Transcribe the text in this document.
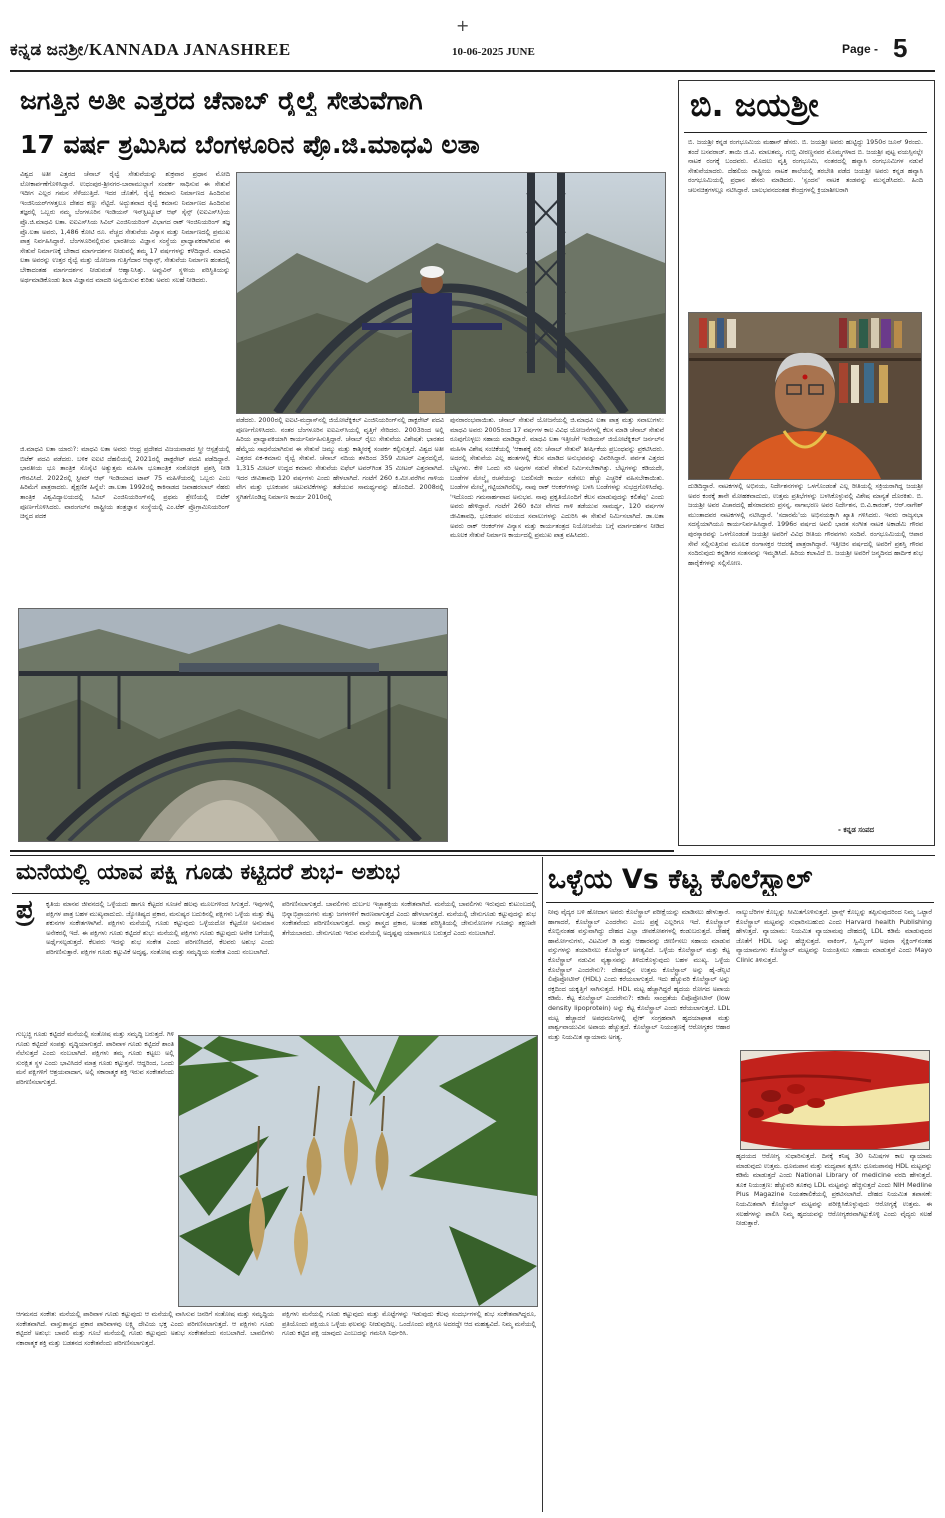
+
ಕನ್ನಡ ಜನಶ್ರೀ/KANNADA JANASHREE	10-06-2025 JUNE	Page - 5
ಜಗತ್ತಿನ ಅತೀ ಎತ್ತರದ ಚೆನಾಬ್ ರೈಲ್ವೆ ಸೇತುವೆಗಾಗಿ
17 ವರ್ಷ ಶ್ರಮಿಸಿದ ಬೆಂಗಳೂರಿನ ಪ್ರೊ.ಜಿ.ಮಾಧವಿ ಲತಾ
ವಿಶ್ವದ ಅತೀ ಎತ್ತರದ ಚೆನಾಬ್ ರೈಲ್ವೆ ಸೇತುವೆಯನ್ನು ಶುಕ್ರವಾರ ಪ್ರಧಾನ ಮೋದಿ ಲೋಕಾರ್ಪಣೆಗೊಳಿಸಿದ್ದಾರೆ. ಉಧಂಪುರ-ಶ್ರೀನಗರ-ಬಾರಾಮುಲ್ಲಾಗೆ ಸಂಪರ್ಕ ಸಾಧಿಸುವ ಈ ಸೇತುವೆ ಇದೀಗ ಎಲ್ಲರ ಗಮನ ಸೆಳೆಯುತ್ತಿದೆ. ಇದರ ಜೊತೆಗೆ, ರೈಲ್ವೆ ಕಮಾನು ನಿರ್ಮಾಣದ ಹಿಂದಿರುವ ಇಂಜಿನಿಯರ್‌ಗಳತ್ತಲೂ ದೇಶದ ಕಣ್ಣು ನೆಟ್ಟಿದೆ. ಅದ್ಭುತವಾದ ರೈಲ್ವೆ ಕಮಾನು ನಿರ್ಮಾಣದ ಹಿಂದಿರುವ ತಜ್ಞರಲ್ಲಿ ಒಬ್ಬರು ನಮ್ಮ ಬೆಂಗಳೂರಿನ ಇಂಡಿಯನ್ ಇನ್‌ಸ್ಟಿಟ್ಯೂಟ್ ಆಫ್ ಸೈನ್ಸ್ (ಐಐಎಸ್‌ಸಿ)ಯ ಪ್ರೊ.ಜಿ.ಮಾಧವಿ ಲತಾ. ಐಐಎಸ್‌ಸಿಯ ಸಿವಿಲ್ ಎಂಜಿನಿಯರಿಂಗ್ ವಿಭಾಗದ ರಾಕ್ ಇಂಜಿನಿಯರಿಂಗ್ ತಜ್ಞ ಪ್ರೊ.ಲತಾ ಅವರು, 1,486 ಕೋಟಿ ರೂ. ವೆಚ್ಚದ ಸೇತುವೆಯ ವಿನ್ಯಾಸ ಮತ್ತು ನಿರ್ಮಾಣದಲ್ಲಿ ಪ್ರಮುಖ ಪಾತ್ರ ನಿರ್ವಹಿಸಿದ್ದಾರೆ. ಬೆಂಗಳೂರಿನಲ್ಲಿರುವ ಭಾರತೀಯ ವಿಜ್ಞಾನ ಸಂಸ್ಥೆಯ ಪ್ರಾಧ್ಯಾಪಕರಾಗಿರುವ ಈ ಸೇತುವೆ ನಿರ್ಮಾಣಕ್ಕೆ ಬೇಕಾದ ಮಾರ್ಗದರ್ಶನ ನೀಡುವಲ್ಲಿ ತಮ್ಮ 17 ವರ್ಷಗಳನ್ನು ಕಳೆದಿದ್ದಾರೆ. ಮಾಧವಿ ಲತಾ ಅವರನ್ನು ಉತ್ತರ ರೈಲ್ವೆ ಮತ್ತು ಯೋಜನಾ ಗುತ್ತಿಗೆದಾರ ಆಫ್ಕಾನ್ಸ್, ಸೇತುವೆಯ ನಿರ್ಮಾಣ ಹಂತದಲ್ಲಿ ಬೇಕಾದಂತಹ ಮಾರ್ಗದರ್ಶನ ನೀಡುವಂತೆ ಆಹ್ವಾನಿಸಿತ್ತು. ಅಪ್ಪುವಿನ್ ಸ್ಥಳೀಯ ಪರಿಸ್ಥಿತಿಯನ್ನು ಅರ್ಥಮಾಡಿಕೊಂಡು ಶಿಲಾ ವಿಜ್ಞಾನದ ಮಾದರಿ ಅನ್ವಯಿಸುವ ಕುರಿತು ಅವರು ಸಲಹೆ ನೀಡಿದರು.
ಜಿ.ಮಾಧವಿ ಲತಾ ಯಾರು?: ಮಾಧವಿ ಲತಾ ಅವರು ಆಂಧ್ರ ಪ್ರದೇಶದ ವಿಜಯವಾಡದ ಸ್ತ್ರೀ ಆಸ್ಪತ್ರೆಯಲ್ಲಿ ಬಿಟೆಕ್ ಪದವಿ ಪಡೆದರು. ಬಳಿಕ ಐಐಟಿ ದೆಹಲಿಯಲ್ಲಿ 2021ರಲ್ಲಿ ಡಾಕ್ಟರೇಟ್ ಪದವಿ ಪಡೆದಿದ್ದಾರೆ. ಭಾರತೀಯ ಭೂ ತಾಂತ್ರಿಕ ಸೊಸೈಟಿ ಅತ್ಯುತ್ತಮ ಮಹಿಳಾ ಭೂತಾಂತ್ರಿಕ ಸಂಶೋಧಕಿ ಪ್ರಶಸ್ತಿ ನೀಡಿ ಗೌರವಿಸಿದೆ. 2022ರಲ್ಲಿ ಸ್ಟೀಮ್ ಆಫ್ ಇಂಡಿಯಾದ ಟಾಪ್ 75 ಮಹಿಳೆಯರಲ್ಲಿ ಒಬ್ಬರು ಎಂಬ ಹಿರಿಮೆಗೆ ಪಾತ್ರರಾದರು. ಶೈಕ್ಷಣಿಕ ಹಿನ್ನೆಲೆ: ಡಾ.ಲತಾ 1992ರಲ್ಲಿ ಕಾಕಿನಾಡದ ಜವಾಹರಲಾಲ್ ನೆಹರು ತಾಂತ್ರಿಕ ವಿಶ್ವವಿದ್ಯಾಲಯದಲ್ಲಿ ಸಿವಿಲ್ ಎಂಜಿನಿಯರಿಂಗ್‌ನಲ್ಲಿ ಪ್ರಥಮ ಶ್ರೇಣಿಯಲ್ಲಿ ಬಿಟೆಕ್ ಪೂರ್ಣಗೊಳಿಸಿದರು. ವಾರಂಗಲ್‌ನ ರಾಷ್ಟ್ರೀಯ ತಂತ್ರಜ್ಞಾನ ಸಂಸ್ಥೆಯಲ್ಲಿ ಎಂ.ಟೆಕ್ ಪ್ರೊಗ್ರಾಮಿನಿಯರಿಂಗ್ ಚಿನ್ನದ ಪದಕ
ಪಡೆದರು. 2000ರಲ್ಲಿ ಐಐಟಿ-ಮದ್ರಾಸ್‌ನಲ್ಲಿ ಜಿಯೋಟೆಕ್ನಿಕಲ್ ಎಂಜಿನಿಯರಿಂಗ್‌ನಲ್ಲಿ ಡಾಕ್ಟರೇಟ್ ಪದವಿ ಪೂರ್ಣಗೊಳಿಸಿದರು. ನಂತರ ಬೆಂಗಳೂರಿನ ಐಐಎಸ್‌ಸಿಯಲ್ಲಿ ವೃತ್ತಿಗೆ ಸೇರಿದರು. 2003ರಿಂದ ಅಲ್ಲಿ ಹಿರಿಯ ಪ್ರಾಧ್ಯಾಪಕಿಯಾಗಿ ಕಾರ್ಯನಿರ್ವಹಿಸುತ್ತಿದ್ದಾರೆ. ಚೆನಾಬ್ ರೈಲು ಸೇತುವೆಯ ವಿಶೇಷತೆ: ಭಾರತದ ಹೆಮ್ಮೆಯ ಸಾಧನೆಯಾಗಿರುವ ಈ ಸೇತುವೆ ಜಮ್ಮು ಮತ್ತು ಕಾಶ್ಮೀರಕ್ಕೆ ಸಂಪರ್ಕ ಕಲ್ಪಿಸುತ್ತದೆ. ವಿಶ್ವದ ಅತೀ ಎತ್ತರದ ಏಕ-ಕಮಾನು ರೈಲ್ವೆ ಸೇತುವೆ. ಚೆನಾಬ್ ನದಿಯ ತಳದಿಂದ 359 ಮೀಟರ್ ಎತ್ತರದಲ್ಲಿದೆ, 1,315 ಮೀಟರ್ ಉದ್ದದ ಕಮಾನು ಸೇತುವೆಯ ಐಫೆಲ್ ಟವರ್‌ಗಿಂತ 35 ಮೀಟರ್ ಎತ್ತರವಾಗಿದೆ. ಇದರ ಜೀವಿತಾವಧಿ 120 ವರ್ಷಗಳು ಎಂದು ಹೇಳಲಾಗಿದೆ. ಗಂಟೆಗೆ 260 ಕಿ.ಮೀ.ವರೆಗಿನ ಗಾಳಿಯ ವೇಗ ಮತ್ತು ಭೂಕಂಪನ ಚಟುವಟಿಕೆಗಳನ್ನು ತಡೆಯುವ ಸಾಮರ್ಥ್ಯವನ್ನು ಹೊಂದಿದೆ. 2008ರಲ್ಲಿ ಸ್ಥಗಿತಗೊಂಡಿದ್ದ ನಿರ್ಮಾಣ ಕಾರ್ಯ 2010ರಲ್ಲಿ
ಪುನರಾರಂಭವಾಯಿತು. ಚೆನಾಬ್ ಸೇತುವೆ ಯೋಜನೆಯಲ್ಲಿ ಜಿ.ಮಾಧವಿ ಲತಾ ಪಾತ್ರ ಮತ್ತು ಸವಾಲುಗಳು: ಮಾಧವಿ ಅವರು 2005ರಿಂದ 17 ವರ್ಷಗಳ ಕಾಲ ವಿವಿಧ ಯೋಜನೆಗಳಲ್ಲಿ ಕೆಲಸ ಮಾಡಿ ಚೆನಾಬ್ ಸೇತುವೆ ರೂಪುಗೊಳ್ಳಲು ಸಹಾಯ ಮಾಡಿದ್ದಾರೆ. ಮಾಧವಿ ಲತಾ ಇತ್ತೀಚೆಗೆ ಇಂಡಿಯನ್ ಜಿಯೋಟೆಕ್ನಿಕಲ್ ಜರ್ನಲ್‌ನ ಮಹಿಳಾ ವಿಶೇಷ ಸಂಚಿಕೆಯಲ್ಲಿ 'ಆಕಾಶಕ್ಕೆ ಏರಿ: ಚೆನಾಬ್ ಸೇತುವೆ' ಶೀರ್ಷಿಕೆಯ ಪ್ರಬಂಧವನ್ನು ಪ್ರಕಟಿಸಿದರು. ಅದರಲ್ಲಿ ಸೇತುವೆಯ ಎಲ್ಲ ಹಂತಗಳಲ್ಲಿ ಕೆಲಸ ಮಾಡಿದ ಅನುಭವವನ್ನು ವಿವರಿಸಿದ್ದಾರೆ. ಪರ್ವತ ಎತ್ತರದ ಬೆಟ್ಟಗಳು. ಕೇಳಿ ಒಂದು ಸರಿ ಅವುಗಳ ನಡುವೆ ಸೇತುವೆ ನಿರ್ಮಿಸಬೇಕಾಗಿತ್ತು. ಬೆಟ್ಟಗಳನ್ನು ಕಡಿಯದೇ, ಬಂಡೆಗಳ ಮೇಲ್ಮೈ ರಚನೆಯನ್ನು ಬದಲಿಸದೇ ಕಾರ್ಯ ನಡೆಸಲು ಹೆಚ್ಚು ಎಚ್ಚರಿಕೆ ವಹಿಸಬೇಕಾಯಿತು. ಬಂಡೆಗಳ ಮೇಲ್ಮೈ ಗಟ್ಟಿಯಾಗಿರಲಿಲ್ಲ, ನಾವು ರಾಕ್ ಆಂಕರ್‌ಗಳನ್ನು ಬಳಸಿ ಬಂಡೆಗಳನ್ನು ಸುಭದ್ರಗೊಳಿಸಿದೆವು. 'ಇದೊಂದು ಗಮನಾರ್ಹವಾದ ಅನುಭವ. ನಾವು ಪ್ರಕೃತಿಯೊಂದಿಗೆ ಕೆಲಸ ಮಾಡುವುದನ್ನು ಕಲಿತೆವು' ಎಂದು ಅವರು ಹೇಳಿದ್ದಾರೆ. ಗಂಟೆಗೆ 260 ಕಿಮೀ ವೇಗದ ಗಾಳಿ ತಡೆಯುವ ಸಾಮರ್ಥ್ಯ, 120 ವರ್ಷಗಳ ಜೀವಿತಾವಧಿ, ಭೂಕಂಪನ ವಲಯದ ಸವಾಲುಗಳನ್ನು ಎದುರಿಸಿ ಈ ಸೇತುವೆ ನಿರ್ಮಿಸಲಾಗಿದೆ. ಡಾ.ಲತಾ ಅವರು ರಾಕ್ ಆಂಕರ್‌ಗಳ ವಿನ್ಯಾಸ ಮತ್ತು ಕಾರ್ಯತಂತ್ರದ ನಿಯೋಜನೆಯ ಬಗ್ಗೆ ಮಾರ್ಗದರ್ಶನ ನೀಡಿದ ಮೂಲಕ ಸೇತುವೆ ನಿರ್ಮಾಣ ಕಾರ್ಯದಲ್ಲಿ ಪ್ರಮುಖ ಪಾತ್ರ ವಹಿಸಿದರು.
ಬಿ. ಜಯಶ್ರೀ
ಬಿ. ಜಯಶ್ರೀ ಕನ್ನಡ ರಂಗಭೂಮಿಯ ಮಹಾನ್ ಹೆಸರು. ಬಿ. ಜಯಶ್ರೀ ಅವರು ಹುಟ್ಟಿದ್ದು 1950ರ ಜೂನ್ 9ರಂದು. ತಂದೆ ಬಸವರಾಜ್. ತಾಯಿ ಜಿ.ವಿ. ಮಾಲತಮ್ಮ. ಗುಬ್ಬಿ ವೀರಣ್ಣನವರ ಮೊಮ್ಮಗಳಾದ ಬಿ. ಜಯಶ್ರೀ ಪುಟ್ಟ ವಯಸ್ಸಿನಲ್ಲೇ ನಾಟಕ ರಂಗಕ್ಕೆ ಬಂದವರು. ಮೊದಲು ವೃತ್ತಿ ರಂಗಭೂಮಿ, ನಂತರದಲ್ಲಿ ಹವ್ಯಾಸಿ ರಂಗಭೂಮಿಗಳ ನಡುವೆ ಸೇತುವೆಯಾದರು. ದೆಹಲಿಯ ರಾಷ್ಟ್ರೀಯ ನಾಟಕ ಶಾಲೆಯಲ್ಲಿ ತರಬೇತಿ ಪಡೆದ ಜಯಶ್ರೀ ಅವರು ಕನ್ನಡ ಹವ್ಯಾಸಿ ರಂಗಭೂಮಿಯಲ್ಲಿ ಪ್ರಧಾನ ಹೆಸರು ಮಾಡಿದರು. 'ಸ್ಪಂದನ' ನಾಟಕ ತಂಡವನ್ನು ಮುನ್ನಡೆಸಿದರು. ಹಿಂದಿ ಚಲನಚಿತ್ರಗಳಲ್ಲೂ ನಟಿಸಿದ್ದಾರೆ. ಬಾಲಭವನದಂತಹ ಕೇಂದ್ರಗಳಲ್ಲಿ ಕ್ರಿಯಾಶೀಲರಾಗಿ
ದುಡಿದಿದ್ದಾರೆ. ನಾಟಕಗಳಲ್ಲಿ ಅಭಿನಯ, ನಿರ್ದೇಶನಗಳನ್ನು ಒಳಗೊಂಡಂತೆ ಎಲ್ಲ ರೀತಿಯಲ್ಲಿ ಸಕ್ರಿಯರಾಗಿದ್ದ ಜಯಶ್ರೀ ಅವರ ಕಂಠಕ್ಕೆ ತಾನೇ ಮೋಹಕವಾದುದು, ಉತ್ತಮ ಪ್ರತಿಭೆಗಳನ್ನು ಬಳಸಿಕೊಳ್ಳುವಲ್ಲಿ ವಿಶೇಷ ಮಾನ್ಯತೆ ದೊರಕಿತು. ಬಿ. ಜಯಶ್ರೀ ಅವರ ವಿಚಾರದಲ್ಲಿ ಹೆಸರಾದವರು ಪ್ರಸನ್ನ, ನಾಗಾಭರಣ ಅವರ ನಿರ್ದೇಶನ, ಬಿ.ವಿ.ಕಾರಂತ್, ಆರ್.ನಾಗೇಶ್ ಮುಂತಾದವರ ನಾಟಕಗಳಲ್ಲಿ ನಟಿಸಿದ್ದಾರೆ. 'ಸದಾರಮೆ'ಯ ಅಭಿನಯಕ್ಕಾಗಿ ಖ್ಯಾತಿ ಗಳಿಸಿದರು. ಇವರು ರಾಜ್ಯಸಭಾ ಸದಸ್ಯೆಯಾಗಿಯೂ ಕಾರ್ಯನಿರ್ವಹಿಸಿದ್ದಾರೆ. 1996ರ ವರ್ಷದ ಅವಲಿ ಭಾರತ ಸಂಗೀತ ನಾಟಕ ಅಕಾಡೆಮಿ ಗೌರವ ಪುರಸ್ಕಾರವನ್ನು ಒಳಗೊಂಡಂತೆ ಜಯಶ್ರೀ ಅವರಿಗೆ ವಿವಿಧ ರೀತಿಯ ಗೌರವಗಳು ಸಂದಿವೆ. ರಂಗಭೂಮಿಯಲ್ಲಿ ಆಪಾರ ಸೇವೆ ಸಲ್ಲಿಸುತ್ತಿರುವ ಮೂಲಕ ರಂಗಾಸಕ್ತರ ಆದರಕ್ಕೆ ಪಾತ್ರರಾಗಿದ್ದಾರೆ. ಇತ್ತೀಚಿನ ವರ್ಷದಲ್ಲಿ ಅವರಿಗೆ ಪ್ರಶಸ್ತಿ ಗೌರವ ಸಂದಿರುವುದು ಕನ್ನಡಿಗರ ಸಂತಸವನ್ನು ಇಮ್ಮಡಿಸಿದೆ. ಹಿರಿಯ ಕಲಾವಿದೆ ಬಿ. ಜಯಶ್ರೀ ಅವರಿಗೆ ಜನ್ಮದಿನದ ಹಾರ್ದಿಕ ಶುಭ ಹಾರೈಕೆಗಳನ್ನು ಸಲ್ಲಿಸೋಣ.
- ಕನ್ನಡ ಸಂಪದ
ಮನೆಯಲ್ಲಿ ಯಾವ ಪಕ್ಷಿ ಗೂಡು ಕಟ್ಟಿದರೆ ಶುಭ- ಅಶುಭ
ಪ್ರ ಕೃತಿಯ ಮಾನವ ಜೀವನದಲ್ಲಿ ಒಳ್ಳೆಯದು ಹಾಗೂ ಕೆಟ್ಟದರ ಸೂಚನೆ ಹಲವು ಮೂಲಗಳಿಂದ ಸಿಗುತ್ತದೆ. ಇವುಗಳಲ್ಲಿ ಪಕ್ಷಿಗಳ ಪಾತ್ರ ಬಹಳ ಮುಖ್ಯವಾದುದು. ಜ್ಯೋತಿಷ್ಯದ ಪ್ರಕಾರ, ಮನುಷ್ಯರ ಬದುಕಿನಲ್ಲಿ ಪಕ್ಷಿಗಳು ಒಳ್ಳೆಯ ಮತ್ತು ಕೆಟ್ಟ ಶಕುನಗಳ ಸಂಕೇತಗಳಾಗಿವೆ. ಪಕ್ಷಿಗಳು ಮನೆಯಲ್ಲಿ ಗೂಡು ಕಟ್ಟುವುದು ಒಳ್ಳೆಯದೋ ಕೆಟ್ಟದೋ ಅನುಮಾನ ಅನೇಕರಲ್ಲಿ ಇದೆ. ಈ ಪಕ್ಷಿಗಳು ಗೂಡು ಕಟ್ಟಿದರೆ ಶುಭ: ಮನೆಯಲ್ಲಿ ಪಕ್ಷಿಗಳು ಗೂಡು ಕಟ್ಟುವುದು ಅನೇಕ ಬಗೆಯಲ್ಲಿ ಅರ್ಥೈಸಲ್ಪಡುತ್ತದೆ. ಕೆಲವರು ಇದನ್ನು ಶುಭ ಸಂಕೇತ ಎಂದು ಪರಿಗಣಿಸಿದರೆ, ಕೆಲವರು ಅಶುಭ ಎಂದು ಪರಿಗಣಿಸುತ್ತಾರೆ. ಪಕ್ಷಿಗಳ ಗೂಡು ಕಟ್ಟುವಿಕೆ ಅದೃಷ್ಟ, ಸಂತೋಷ ಮತ್ತು ಸಮೃದ್ಧಿಯ ಸಂಕೇತ ಎಂದು ನಂಬಲಾಗಿದೆ.
ಪರಿಗಣಿಸಲಾಗುತ್ತದೆ. ಬಾವಲಿಗಳು ದುರ್ಬಲ ಇಚ್ಛಾಶಕ್ತಿಯ ಸಂಕೇತವಾಗಿದೆ. ಮನೆಯಲ್ಲಿ ಬಾವಲಿಗಳು ಇರುವುದು ಕುಟುಂಬದಲ್ಲಿ ಭಿನ್ನಾಭಿಪ್ರಾಯಗಳು ಮತ್ತು ಜಗಳಗಳಿಗೆ ಕಾರಣವಾಗುತ್ತದೆ ಎಂದು ಹೇಳಲಾಗುತ್ತದೆ. ಮನೆಯಲ್ಲಿ ಜೇನುಗೂಡು ಕಟ್ಟುವುದನ್ನು ಶುಭ ಸಂಕೇತವೆಂದು ಪರಿಗಣಿಸಲಾಗುತ್ತದೆ. ವಾಸ್ತು ಶಾಸ್ತ್ರದ ಪ್ರಕಾರ, ಅಂತಹ ಪರಿಸ್ಥಿತಿಯಲ್ಲಿ ಜೇನುನೊಣಗಳ ಗೂಡನ್ನು ತಕ್ಷಣವೇ ತೆಗೆಯಬಾರದು. ಜೇನುಗೂಡು ಇರುವ ಮನೆಯಲ್ಲಿ ಅದೃಷ್ಟವು ಯಾವಾಗಲೂ ಬರುತ್ತದೆ ಎಂದು ನಂಬಲಾಗಿದೆ.
ಗುಬ್ಬಚ್ಚಿ ಗೂಡು ಕಟ್ಟಿದರೆ ಮನೆಯಲ್ಲಿ ಸಂತೋಷ ಮತ್ತು ಸಮೃದ್ಧಿ ಬರುತ್ತದೆ. ಗಿಳಿ ಗೂಡು ಕಟ್ಟಿದರೆ ಸಂಪತ್ತು ವೃದ್ಧಿಯಾಗುತ್ತದೆ. ಪಾರಿವಾಳ ಗೂಡು ಕಟ್ಟಿದರೆ ಶಾಂತಿ ನೆಲೆಸುತ್ತದೆ ಎಂದು ನಂಬಲಾಗಿದೆ. ಪಕ್ಷಿಗಳು ತಮ್ಮ ಗೂಡು ಕಟ್ಟಲು ಅಲ್ಲಿ ಸುರಕ್ಷಿತ ಸ್ಥಳ ಎಂದು ಭಾವಿಸಿದರೆ ಮಾತ್ರ ಗೂಡು ಕಟ್ಟುತ್ತವೆ. ಆದ್ದರಿಂದ, ಒಂದು ಮನೆ ಪಕ್ಷಿಗಳಿಗೆ ಆಶ್ರಯವಾದಾಗ, ಅಲ್ಲಿ ಸಕಾರಾತ್ಮಕ ಶಕ್ತಿ ಇರುವ ಸಂಕೇತವೆಂದು ಪರಿಗಣಿಸಲಾಗುತ್ತದೆ.
ಆಗಮನದ ಸಂಕೇತ: ಮನೆಯಲ್ಲಿ ಪಾರಿವಾಳ ಗೂಡು ಕಟ್ಟುವುದು ಆ ಮನೆಯಲ್ಲಿ ವಾಸಿಸುವ ಜನರಿಗೆ ಸಂತೋಷ ಮತ್ತು ಸಮೃದ್ಧಿಯ ಸಂಕೇತವಾಗಿದೆ. ವಾಸ್ತುಶಾಸ್ತ್ರದ ಪ್ರಕಾರ ಪಾರಿವಾಳವು ಲಕ್ಷ್ಮಿ ದೇವಿಯ ಭಕ್ತ ಎಂದು ಪರಿಗಣಿಸಲಾಗುತ್ತದೆ. ಆ ಪಕ್ಷಿಗಳು ಗೂಡು ಕಟ್ಟಿದರೆ ಅಶುಭ: ಬಾವಲಿ ಮತ್ತು ಗೂಬೆ ಮನೆಯಲ್ಲಿ ಗೂಡು ಕಟ್ಟುವುದು ಅಶುಭ ಸಂಕೇತವೆಂದು ನಂಬಲಾಗಿದೆ. ಬಾವಲಿಗಳು ನಕಾರಾತ್ಮಕ ಶಕ್ತಿ ಮತ್ತು ಬಡತನದ ಸಂಕೇತವೆಂದು ಪರಿಗಣಿಸಲಾಗುತ್ತದೆ.
ಪಕ್ಷಿಗಳು ಮನೆಯಲ್ಲಿ ಗೂಡು ಕಟ್ಟುವುದು ಮತ್ತು ಮೊಟ್ಟೆಗಳನ್ನು ಇಡುವುದು ಕೆಲವು ಸಂದರ್ಭಗಳಲ್ಲಿ ಶುಭ ಸಂಕೇತವಾಗಿದ್ದರೂ, ಪ್ರತಿಯೊಂದು ಪಕ್ಷಿಯೂ ಒಳ್ಳೆಯ ಫಲವನ್ನು ನೀಡುವುದಿಲ್ಲ. ಒಂದೊಂದು ಪಕ್ಷಿಗೂ ಅದರದ್ದೇ ಆದ ಮಹತ್ವವಿದೆ. ನಿಮ್ಮ ಮನೆಯಲ್ಲಿ ಗೂಡು ಕಟ್ಟಿದ ಪಕ್ಷಿ ಯಾವುದು ಎಂಬುದನ್ನು ಗಮನಿಸಿ ನಿರ್ಧರಿಸಿ.
ಒಳ್ಳೆಯ Vs ಕೆಟ್ಟ ಕೊಲೆಸ್ಟ್ರಾಲ್
ನೀವು ವೈದ್ಯರ ಬಳಿ ಹೋದಾಗ ಅವರು ಕೊಲೆಸ್ಟ್ರಾಲ್ ಪರೀಕ್ಷೆಯನ್ನು ಮಾಡಿಸಲು ಹೇಳುತ್ತಾರೆ. ಹಾಗಾದರೆ, ಕೊಲೆಸ್ಟ್ರಾಲ್ ಎಂದರೇನು ಎಂಬ ಪ್ರಶ್ನೆ ಎಲ್ಲರಿಗೂ ಇದೆ. ಕೊಲೆಸ್ಟ್ರಾಲ್ ಕೊಬ್ಬಿನಂತಹ ವಸ್ತುವಾಗಿದ್ದು ದೇಹದ ಎಲ್ಲಾ ಜೀವಕೋಶಗಳಲ್ಲಿ ಕಂಡುಬರುತ್ತದೆ. ದೇಹಕ್ಕೆ ಹಾರ್ಮೋನುಗಳು, ವಿಟಮಿನ್ ಡಿ ಮತ್ತು ಆಹಾರವನ್ನು ಜೀರ್ಣಿಸಲು ಸಹಾಯ ಮಾಡುವ ವಸ್ತುಗಳನ್ನು ತಯಾರಿಸಲು ಕೊಲೆಸ್ಟ್ರಾಲ್ ಅಗತ್ಯವಿದೆ. ಒಳ್ಳೆಯ ಕೊಲೆಸ್ಟ್ರಾಲ್ ಮತ್ತು ಕೆಟ್ಟ ಕೊಲೆಸ್ಟ್ರಾಲ್ ನಡುವಿನ ವ್ಯತ್ಯಾಸವನ್ನು ತಿಳಿದುಕೊಳ್ಳುವುದು ಬಹಳ ಮುಖ್ಯ. ಒಳ್ಳೆಯ ಕೊಲೆಸ್ಟ್ರಾಲ್ ಎಂದರೇನು?: ದೇಹದಲ್ಲಿನ ಉತ್ತಮ ಕೊಲೆಸ್ಟ್ರಾಲ್ ಅನ್ನು ಹೈ-ಡೆನ್ಸಿಟಿ ಲಿಪೊಪ್ರೋಟೀನ್ (HDL) ಎಂದು ಕರೆಯಲಾಗುತ್ತದೆ. ಇದು ಹೆಚ್ಚುವರಿ ಕೊಲೆಸ್ಟ್ರಾಲ್ ಅನ್ನು ರಕ್ತದಿಂದ ಯಕೃತ್ತಿಗೆ ಸಾಗಿಸುತ್ತದೆ. HDL ಮಟ್ಟ ಹೆಚ್ಚಾಗಿದ್ದರೆ ಹೃದಯ ರೋಗದ ಅಪಾಯ ಕಡಿಮೆ. ಕೆಟ್ಟ ಕೊಲೆಸ್ಟ್ರಾಲ್ ಎಂದರೇನು?: ಕಡಿಮೆ ಸಾಂದ್ರತೆಯ ಲಿಪೊಪ್ರೋಟೀನ್ (low density lipoprotein) ಅನ್ನು ಕೆಟ್ಟ ಕೊಲೆಸ್ಟ್ರಾಲ್ ಎಂದು ಕರೆಯಲಾಗುತ್ತದೆ. LDL ಮಟ್ಟ ಹೆಚ್ಚಾದರೆ ಅಪಧಮನಿಗಳಲ್ಲಿ ಪ್ಲೇಕ್ ಸಂಗ್ರಹವಾಗಿ ಹೃದಯಾಘಾತ ಮತ್ತು ಪಾರ್ಶ್ವವಾಯುವಿನ ಅಪಾಯ ಹೆಚ್ಚುತ್ತದೆ. ಕೊಲೆಸ್ಟ್ರಾಲ್ ನಿಯಂತ್ರಣಕ್ಕೆ ಆರೋಗ್ಯಕರ ಆಹಾರ ಮತ್ತು ನಿಯಮಿತ ವ್ಯಾಯಾಮ ಅಗತ್ಯ.
ನಾಲ್ಯುಬೆರಿಗಳ ಕೊಬ್ಬನ್ನು ಸೀಮಿತಗೊಳಿಸುತ್ತದೆ. ಟ್ರಾನ್ಸ್ ಕೊಬ್ಬನ್ನು ತಪ್ಪಿಸುವುದರಿಂದ ನಿಮ್ಮ ಒಟ್ಟಾರೆ ಕೊಲೆಸ್ಟ್ರಾಲ್ ಮಟ್ಟವನ್ನು ಸುಧಾರಿಸಬಹುದು ಎಂದು Harvard health Publishing ಹೇಳುತ್ತದೆ. ವ್ಯಾಯಾಮ: ನಿಯಮಿತ ವ್ಯಾಯಾಮವು ದೇಹದಲ್ಲಿ LDL ಕಡಿಮೆ ಮಾಡುವುದರ ಜೊತೆಗೆ HDL ಅನ್ನು ಹೆಚ್ಚಿಸುತ್ತದೆ. ವಾಕಿಂಗ್, ಸ್ವಿಮ್ಮಿಂಗ್ ಅಥವಾ ಸೈಕ್ಲಿಂಗ್‌ನಂತಹ ವ್ಯಾಯಾಮಗಳು ಕೊಲೆಸ್ಟ್ರಾಲ್ ಮಟ್ಟವನ್ನು ನಿಯಂತ್ರಿಸಲು ಸಹಾಯ ಮಾಡುತ್ತವೆ ಎಂದು Mayo Clinic ತಿಳಿಸುತ್ತದೆ.
ಹೃದಯದ ಆರೋಗ್ಯ ಸುಧಾರಿಸುತ್ತದೆ. ದಿನಕ್ಕೆ ಕನಿಷ್ಠ 30 ನಿಮಿಷಗಳ ಕಾಲ ವ್ಯಾಯಾಮ ಮಾಡುವುದು ಉತ್ತಮ. ಧೂಮಪಾನ ಮತ್ತು ಮದ್ಯಪಾನ ತ್ಯಜಿಸಿ: ಧೂಮಪಾನವು HDL ಮಟ್ಟವನ್ನು ಕಡಿಮೆ ಮಾಡುತ್ತದೆ ಎಂದು National Library of medicine ವರದಿ ಹೇಳುತ್ತದೆ. ತೂಕ ನಿಯಂತ್ರಣ: ಹೆಚ್ಚುವರಿ ತೂಕವು LDL ಮಟ್ಟವನ್ನು ಹೆಚ್ಚಿಸುತ್ತದೆ ಎಂದು NIH Medline Plus Magazine ನಿಯತಕಾಲಿಕೆಯಲ್ಲಿ ಪ್ರಕಟಿಸಲಾಗಿದೆ. ದೇಹದ ನಿಯಮಿತ ತಪಾಸಣೆ: ನಿಯಮಿತವಾಗಿ ಕೊಲೆಸ್ಟ್ರಾಲ್ ಮಟ್ಟವನ್ನು ಪರೀಕ್ಷಿಸಿಕೊಳ್ಳುವುದು ಆರೋಗ್ಯಕ್ಕೆ ಉತ್ತಮ. ಈ ಸಲಹೆಗಳನ್ನು ಪಾಲಿಸಿ ನಿಮ್ಮ ಹೃದಯವನ್ನು ಆರೋಗ್ಯಕರವಾಗಿಟ್ಟುಕೊಳ್ಳಿ ಎಂದು ವೈದ್ಯರು ಸಲಹೆ ನೀಡುತ್ತಾರೆ.
